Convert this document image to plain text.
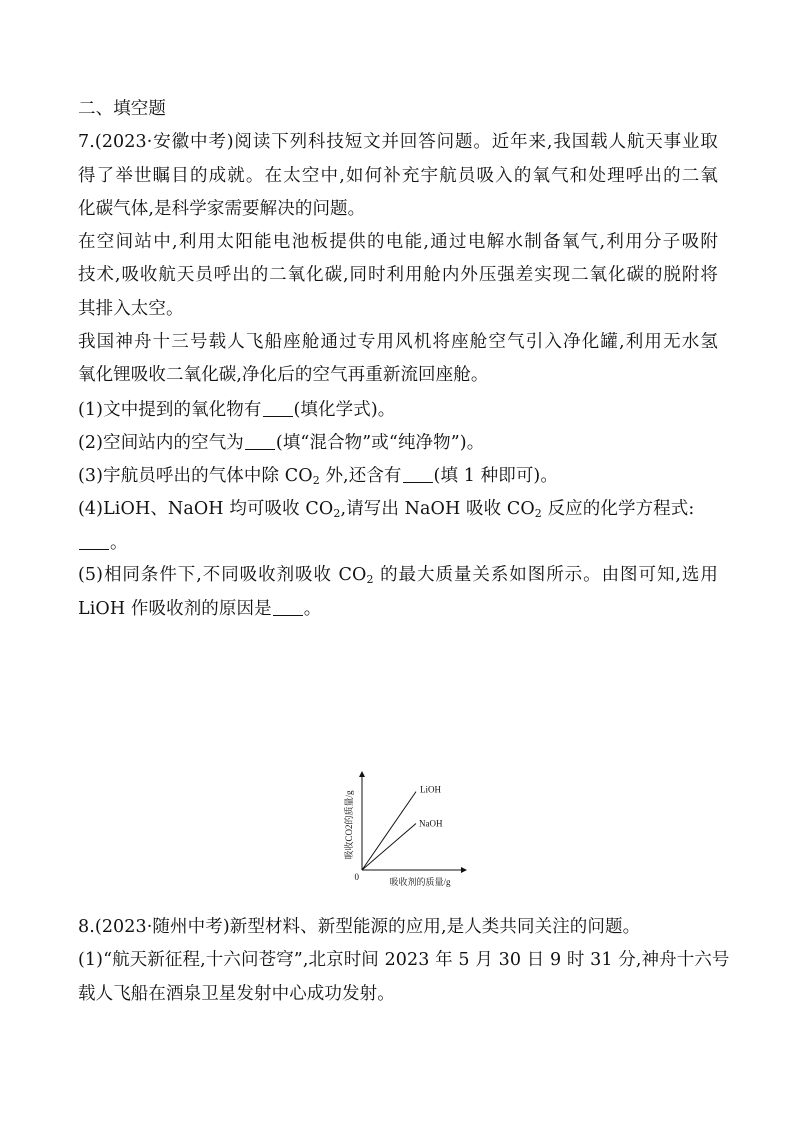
二、填空题
7.(2023·安徽中考)阅读下列科技短文并回答问题。近年来,我国载人航天事业取
得了举世瞩目的成就。在太空中,如何补充宇航员吸入的氧气和处理呼出的二氧
化碳气体,是科学家需要解决的问题。
在空间站中,利用太阳能电池板提供的电能,通过电解水制备氧气,利用分子吸附
技术,吸收航天员呼出的二氧化碳,同时利用舱内外压强差实现二氧化碳的脱附将
其排入太空。
我国神舟十三号载人飞船座舱通过专用风机将座舱空气引入净化罐,利用无水氢
氧化锂吸收二氧化碳,净化后的空气再重新流回座舱。
(1)文中提到的氧化物有 (填化学式)。
(2)空间站内的空气为 (填“混合物”或“纯净物”)。
(3)宇航员呼出的气体中除 $CO_2$ 外,还含有 (填 1 种即可)。
(4)LiOH、NaOH 均可吸收 $CO_2$,请写出 NaOH 吸收 $CO_2$ 反应的化学方程式:
。
(5)相同条件下,不同吸收剂吸收 $CO_2$ 的最大质量关系如图所示。由图可知,选用
LiOH 作吸收剂的原因是 。
LiOH
NaOH
吸收CO2的质量/g
0	吸收剂的质量/g
8.(2023·随州中考)新型材料、新型能源的应用,是人类共同关注的问题。
(1)“航天新征程,十六问苍穹”,北京时间 2023 年 5 月 30 日 9 时 31 分,神舟十六号
载人飞船在酒泉卫星发射中心成功发射。
